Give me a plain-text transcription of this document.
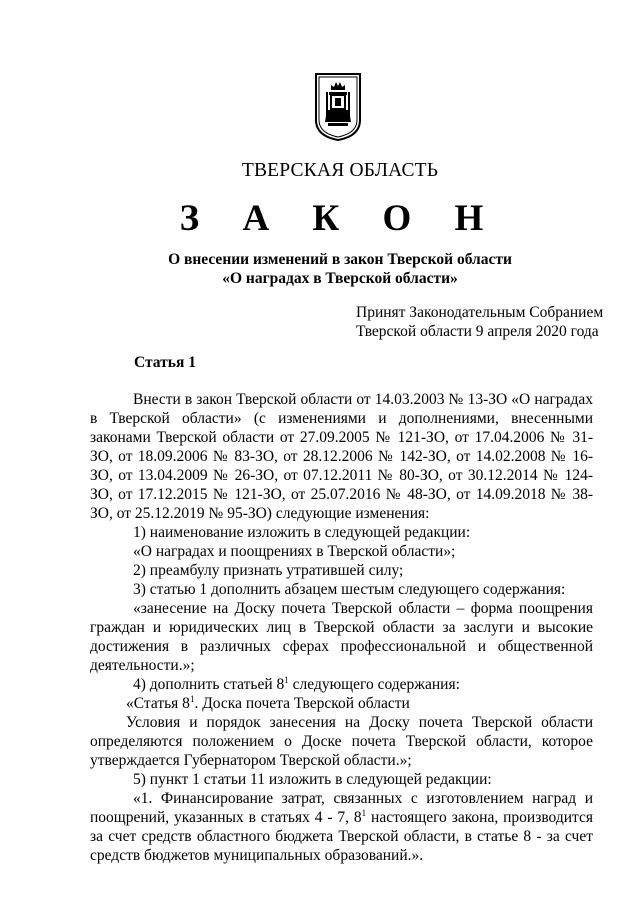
ТВЕРСКАЯ ОБЛАСТЬ
З А К О Н
О внесении изменений в закон Тверской области
«О наградах в Тверской области»
Принят Законодательным Собранием
Тверской области 9 апреля 2020 года
Статья 1

Внести в закон Тверской области от 14.03.2003 № 13-ЗО «О наградах в Тверской области» (с изменениями и дополнениями, внесенными законами Тверской области от 27.09.2005 № 121-ЗО, от 17.04.2006 № 31-ЗО, от 18.09.2006 № 83-ЗО, от 28.12.2006 № 142-ЗО, от 14.02.2008 № 16-ЗО, от 13.04.2009 № 26-ЗО, от 07.12.2011 № 80-ЗО, от 30.12.2014 № 124-ЗО, от 17.12.2015 № 121-ЗО, от 25.07.2016 № 48-ЗО, от 14.09.2018 № 38-ЗО, от 25.12.2019 № 95-ЗО) следующие изменения:

1) наименование изложить в следующей редакции:

«О наградах и поощрениях в Тверской области»;

2) преамбулу признать утратившей силу;

3) статью 1 дополнить абзацем шестым следующего содержания:

«занесение на Доску почета Тверской области – форма поощрения граждан и юридических лиц в Тверской области за заслуги и высокие достижения в различных сферах профессиональной и общественной деятельности.»;

4) дополнить статьей $8^1$ следующего содержания:

«Статья $8^1$. Доска почета Тверской области

Условия и порядок занесения на Доску почета Тверской области определяются положением о Доске почета Тверской области, которое утверждается Губернатором Тверской области.»;

5) пункт 1 статьи 11 изложить в следующей редакции:

«1. Финансирование затрат, связанных с изготовлением наград и поощрений, указанных в статьях 4 - 7, $8^1$ настоящего закона, производится за счет средств областного бюджета Тверской области, в статье 8 - за счет средств бюджетов муниципальных образований.».
